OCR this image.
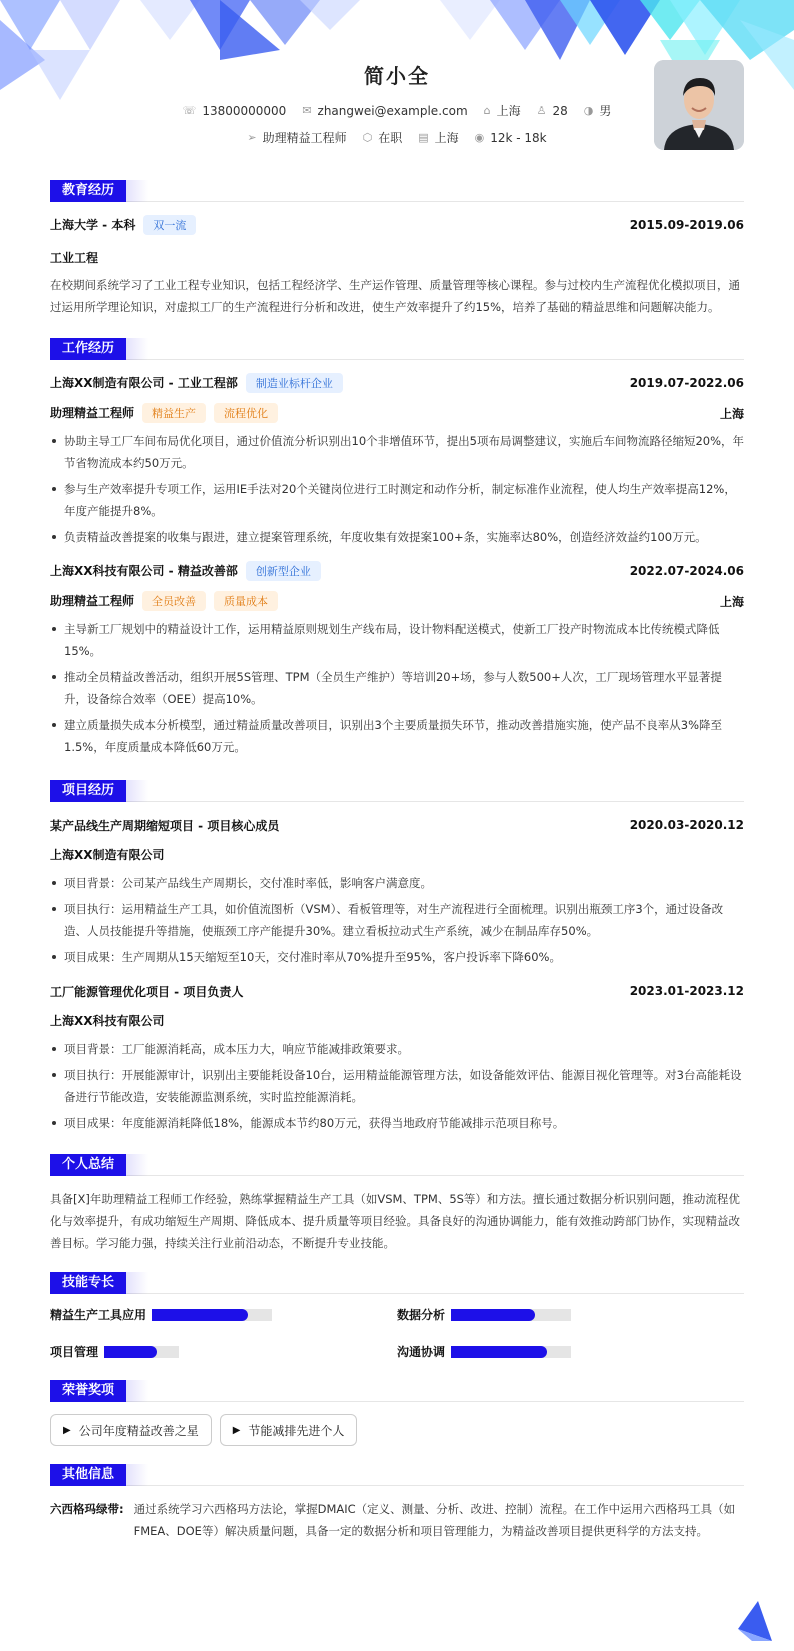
简小全
☏ 13800000000 ✉ zhangwei@example.com ⌂ 上海 ♙ 28 ◑ 男
➢ 助理精益工程师 ⬡ 在职 ▤ 上海 ◉ 12k - 18k
教育经历
上海大学 - 本科 双一流	2015.09-2019.06
工业工程
在校期间系统学习了工业工程专业知识，包括工程经济学、生产运作管理、质量管理等核心课程。参与过校内生产流程优化模拟项目，通过运用所学理论知识，对虚拟工厂的生产流程进行分析和改进，使生产效率提升了约15%，培养了基础的精益思维和问题解决能力。
工作经历
上海XX制造有限公司 - 工业工程部 制造业标杆企业	2019.07-2022.06
助理精益工程师 精益生产	流程优化	上海
协助主导工厂车间布局优化项目，通过价值流分析识别出10个非增值环节，提出5项布局调整建议，实施后车间物流路径缩短20%，年节省物流成本约50万元。
参与生产效率提升专项工作，运用IE手法对20个关键岗位进行工时测定和动作分析，制定标准作业流程，使人均生产效率提高12%，年度产能提升8%。
负责精益改善提案的收集与跟进，建立提案管理系统，年度收集有效提案100+条，实施率达80%，创造经济效益约100万元。
上海XX科技有限公司 - 精益改善部 创新型企业	2022.07-2024.06
助理精益工程师 全员改善	质量成本	上海
主导新工厂规划中的精益设计工作，运用精益原则规划生产线布局，设计物料配送模式，使新工厂投产时物流成本比传统模式降低15%。
推动全员精益改善活动，组织开展5S管理、TPM（全员生产维护）等培训20+场，参与人数500+人次，工厂现场管理水平显著提升，设备综合效率（OEE）提高10%。
建立质量损失成本分析模型，通过精益质量改善项目，识别出3个主要质量损失环节，推动改善措施实施，使产品不良率从3%降至1.5%，年度质量成本降低60万元。
项目经历
某产品线生产周期缩短项目 - 项目核心成员	2020.03-2020.12
上海XX制造有限公司
项目背景：公司某产品线生产周期长，交付准时率低，影响客户满意度。
项目执行：运用精益生产工具，如价值流图析（VSM）、看板管理等，对生产流程进行全面梳理。识别出瓶颈工序3个，通过设备改造、人员技能提升等措施，使瓶颈工序产能提升30%。建立看板拉动式生产系统，减少在制品库存50%。
项目成果：生产周期从15天缩短至10天，交付准时率从70%提升至95%，客户投诉率下降60%。
工厂能源管理优化项目 - 项目负责人	2023.01-2023.12
上海XX科技有限公司
项目背景：工厂能源消耗高，成本压力大，响应节能减排政策要求。
项目执行：开展能源审计，识别出主要能耗设备10台，运用精益能源管理方法，如设备能效评估、能源目视化管理等。对3台高能耗设备进行节能改造，安装能源监测系统，实时监控能源消耗。
项目成果：年度能源消耗降低18%，能源成本节约80万元，获得当地政府节能减排示范项目称号。
个人总结
具备[X]年助理精益工程师工作经验，熟练掌握精益生产工具（如VSM、TPM、5S等）和方法。擅长通过数据分析识别问题，推动流程优化与效率提升，有成功缩短生产周期、降低成本、提升质量等项目经验。具备良好的沟通协调能力，能有效推动跨部门协作，实现精益改善目标。学习能力强，持续关注行业前沿动态，不断提升专业技能。
技能专长
精益生产工具应用	数据分析
项目管理	沟通协调
荣誉奖项
▶ 公司年度精益改善之星	▶ 节能减排先进个人
其他信息
六西格玛绿带: 通过系统学习六西格玛方法论，掌握DMAIC（定义、测量、分析、改进、控制）流程。在工作中运用六西格玛工具（如FMEA、DOE等）解决质量问题，具备一定的数据分析和项目管理能力，为精益改善项目提供更科学的方法支持。
